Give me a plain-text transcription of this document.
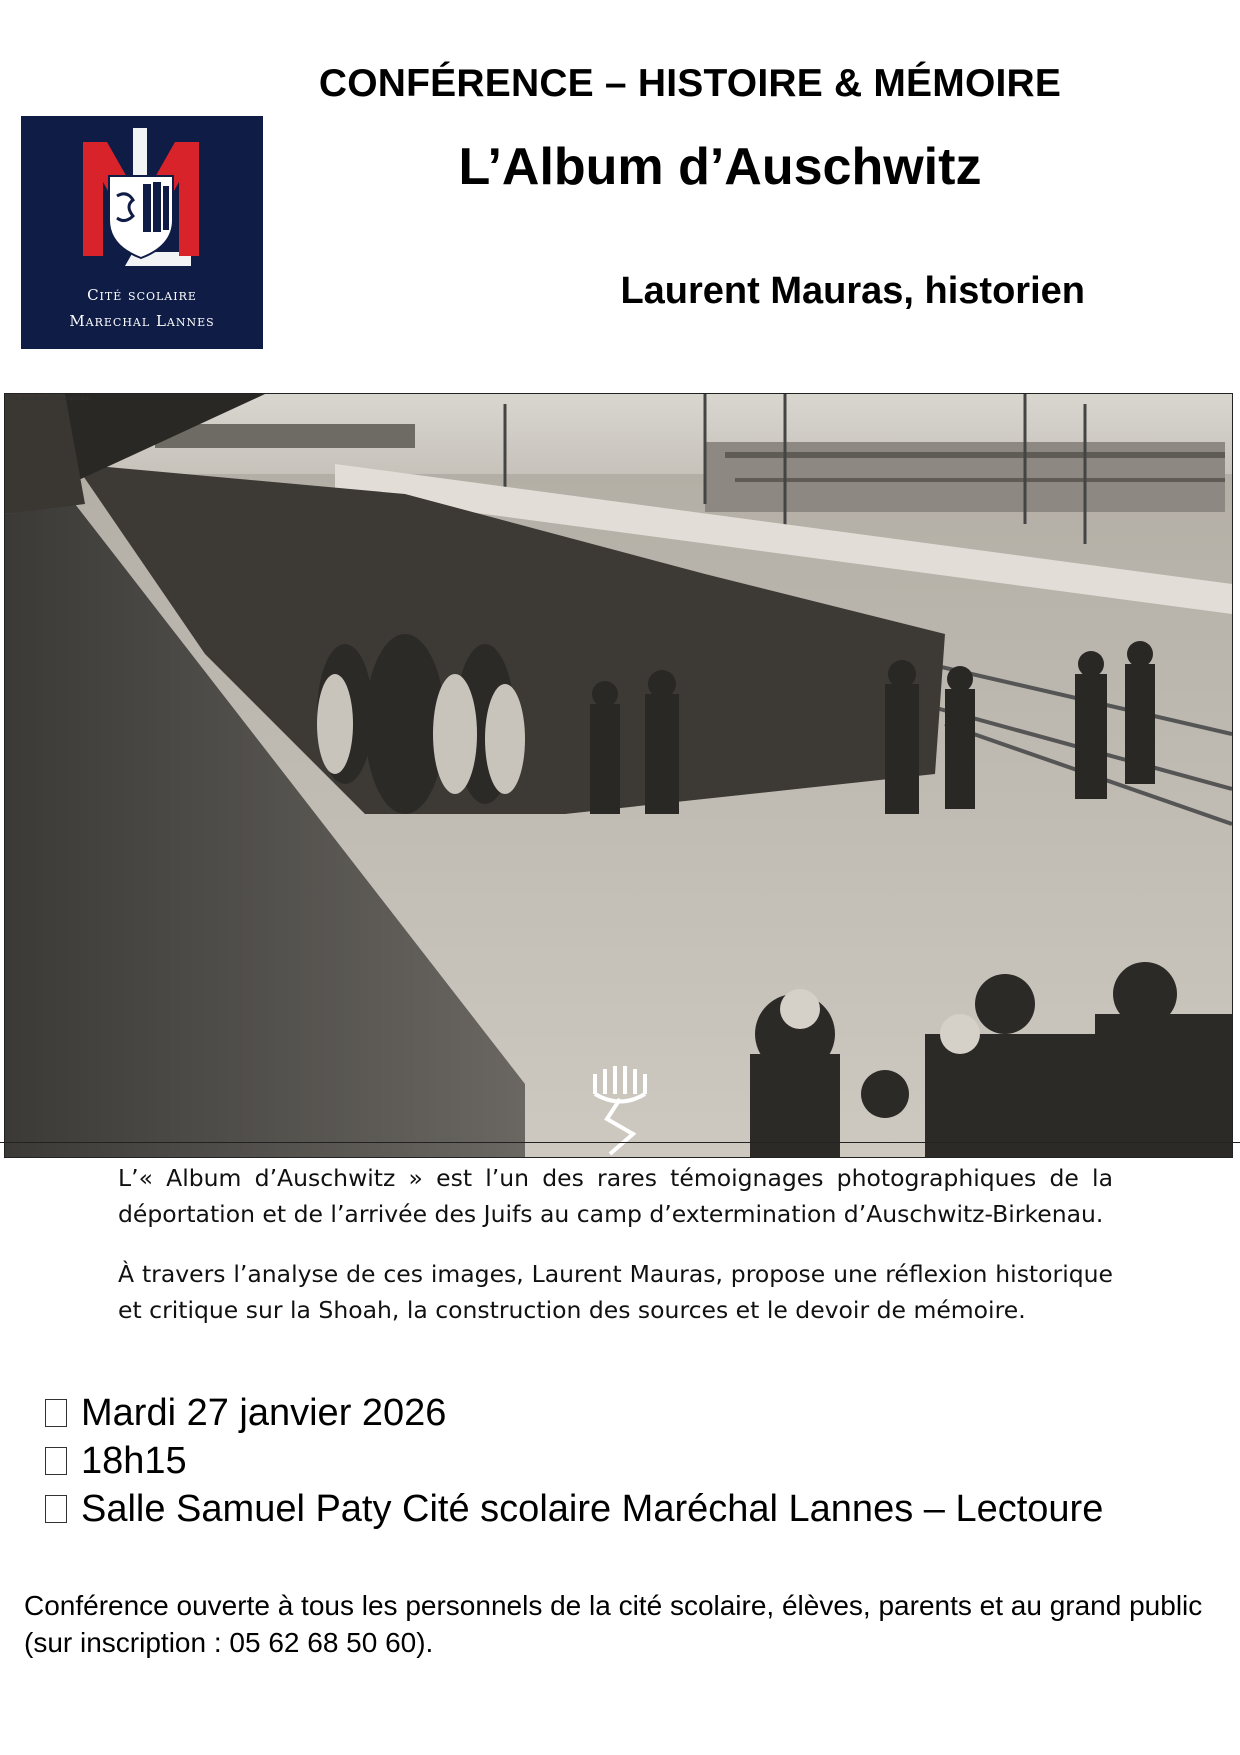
Cité scolaire
Marechal Lannes
CONFÉRENCE – HISTOIRE & MÉMOIRE
L’Album d’Auschwitz
Laurent Mauras, historien
The picture can't be displayed.
L’« Album d’Auschwitz » est l’un des rares témoignages photographiques de la déportation et de l’arrivée des Juifs au camp d’extermination d’Auschwitz-Birkenau.
À travers l’analyse de ces images, Laurent Mauras, propose une réflexion historique et critique sur la Shoah, la construction des sources et le devoir de mémoire.
Mardi 27 janvier 2026
18h15
Salle Samuel Paty Cité scolaire Maréchal Lannes – Lectoure
Conférence ouverte à tous les personnels de la cité scolaire, élèves, parents et au grand public (sur inscription : 05 62 68 50 60).
